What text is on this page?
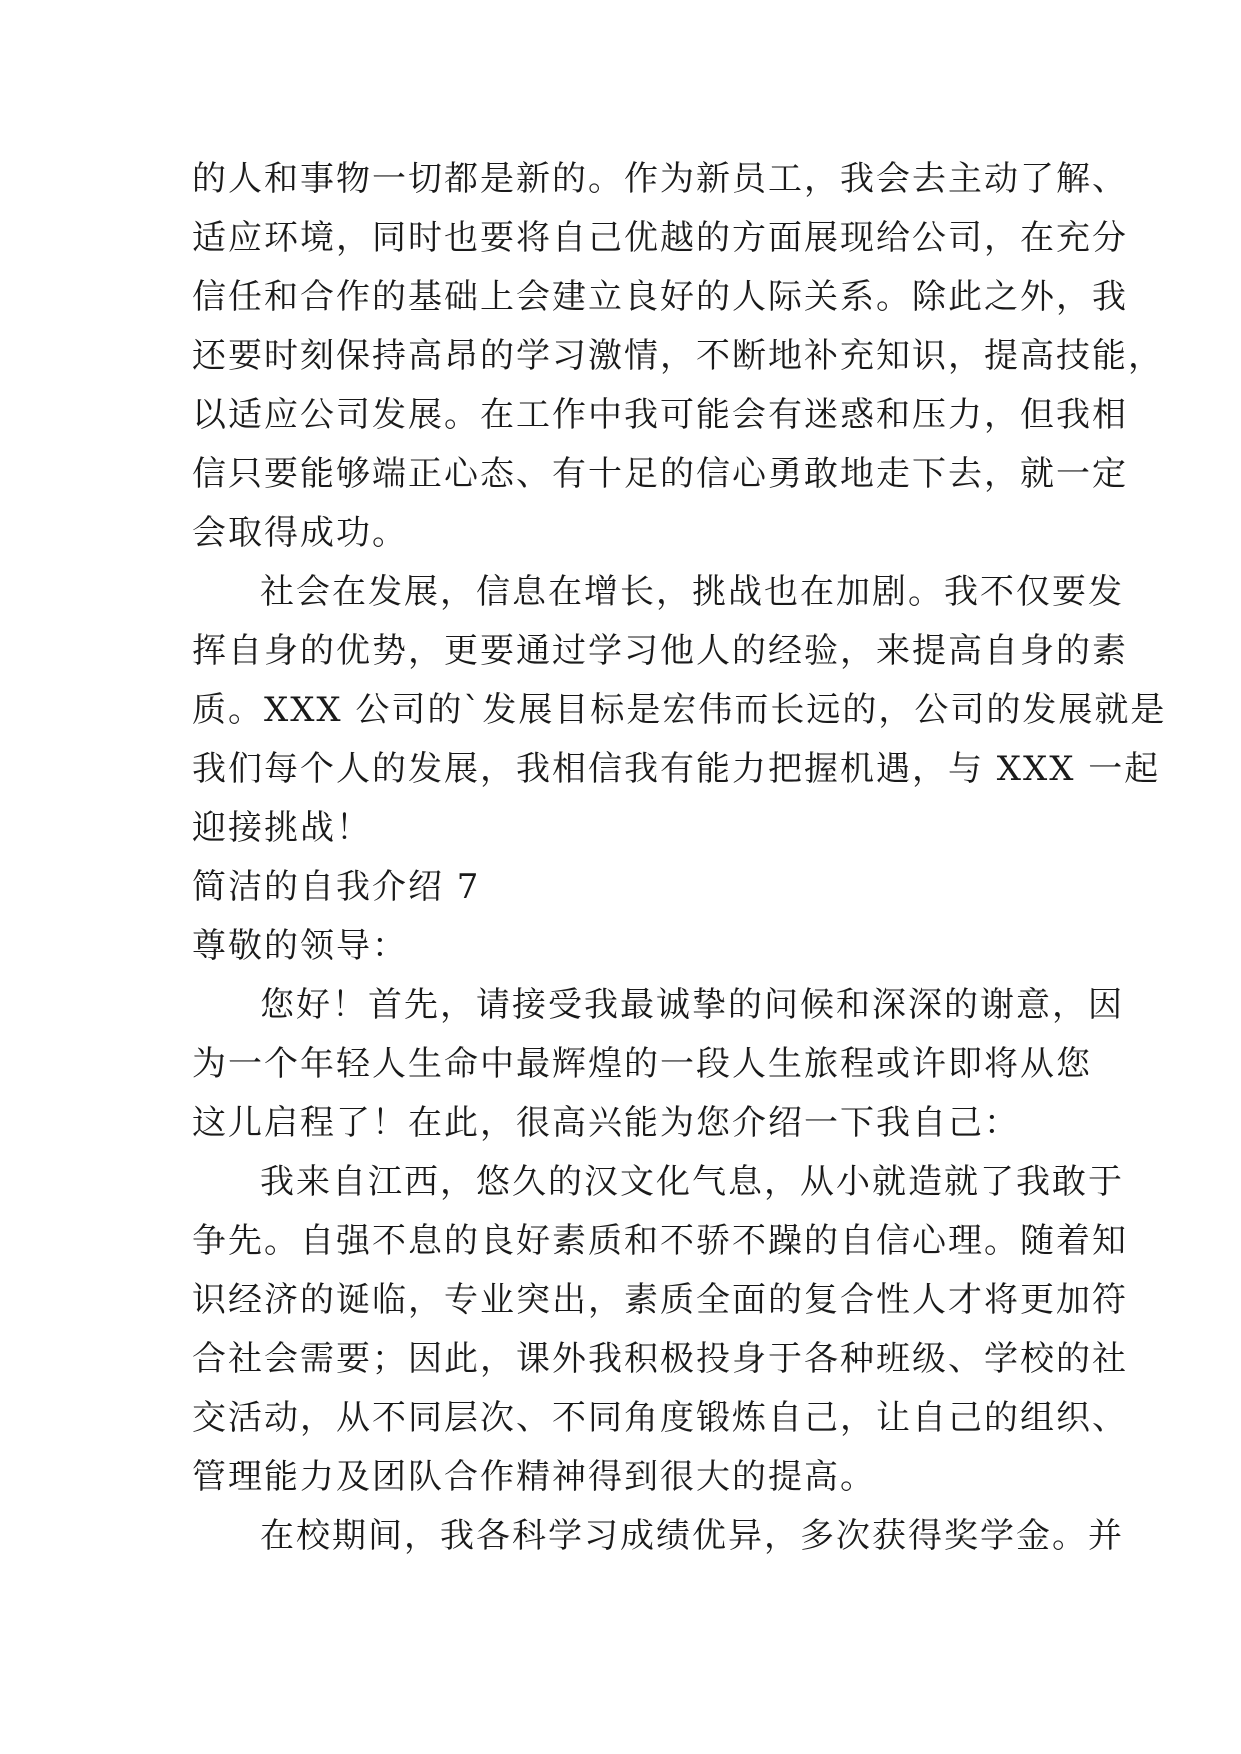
的人和事物一切都是新的。作为新员工，我会去主动了解、
适应环境，同时也要将自己优越的方面展现给公司，在充分
信任和合作的基础上会建立良好的人际关系。除此之外，我
还要时刻保持高昂的学习激情，不断地补充知识，提高技能，
以适应公司发展。在工作中我可能会有迷惑和压力，但我相
信只要能够端正心态、有十足的信心勇敢地走下去，就一定
会取得成功。
社会在发展，信息在增长，挑战也在加剧。我不仅要发
挥自身的优势，更要通过学习他人的经验，来提高自身的素
质。XXX 公司的`发展目标是宏伟而长远的，公司的发展就是
我们每个人的发展，我相信我有能力把握机遇，与 XXX 一起
迎接挑战！
简洁的自我介绍 7
尊敬的领导：
您好！首先，请接受我最诚挚的问候和深深的谢意，因
为一个年轻人生命中最辉煌的一段人生旅程或许即将从您
这儿启程了！在此，很高兴能为您介绍一下我自己：
我来自江西，悠久的汉文化气息，从小就造就了我敢于
争先。自强不息的良好素质和不骄不躁的自信心理。随着知
识经济的诞临，专业突出，素质全面的复合性人才将更加符
合社会需要；因此，课外我积极投身于各种班级、学校的社
交活动，从不同层次、不同角度锻炼自己，让自己的组织、
管理能力及团队合作精神得到很大的提高。
在校期间，我各科学习成绩优异，多次获得奖学金。并
